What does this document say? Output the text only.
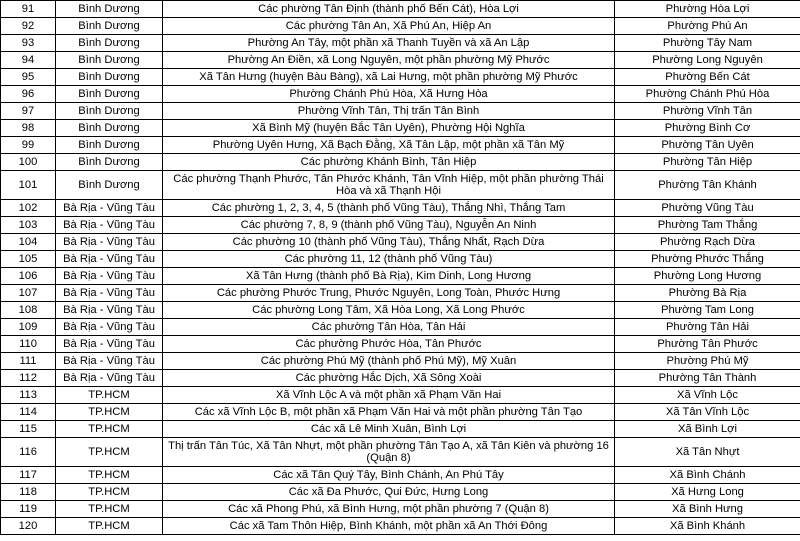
91	Bình Dương	Các phường Tân Định (thành phố Bến Cát), Hòa Lợi	Phường Hòa Lợi
92	Bình Dương	Các phường Tân An, Xã Phú An, Hiệp An	Phường Phú An
93	Bình Dương	Phường An Tây, một phần xã Thanh Tuyền và xã An Lập	Phường Tây Nam
94	Bình Dương	Phường An Điền, xã Long Nguyên, một phần phường Mỹ Phước	Phường Long Nguyên
95	Bình Dương	Xã Tân Hưng (huyện Bàu Bàng), xã Lai Hưng, một phần phường Mỹ Phước	Phường Bến Cát
96	Bình Dương	Phường Chánh Phú Hòa, Xã Hưng Hòa	Phường Chánh Phú Hòa
97	Bình Dương	Phường Vĩnh Tân, Thị trấn Tân Bình	Phường Vĩnh Tân
98	Bình Dương	Xã Bình Mỹ (huyện Bắc Tân Uyên), Phường Hội Nghĩa	Phường Bình Cơ
99	Bình Dương	Phường Uyên Hưng, Xã Bạch Đằng, Xã Tân Lập, một phần xã Tân Mỹ	Phường Tân Uyên
100	Bình Dương	Các phường Khánh Bình, Tân Hiệp	Phường Tân Hiệp
101	Bình Dương	Các phường Thạnh Phước, Tân Phước Khánh, Tân Vĩnh Hiệp, một phần phường Thái Hòa và xã Thạnh Hội	Phường Tân Khánh
102	Bà Rịa - Vũng Tàu	Các phường 1, 2, 3, 4, 5 (thành phố Vũng Tàu), Thắng Nhì, Thắng Tam	Phường Vũng Tàu
103	Bà Rịa - Vũng Tàu	Các phường 7, 8, 9 (thành phố Vũng Tàu), Nguyễn An Ninh	Phường Tam Thắng
104	Bà Rịa - Vũng Tàu	Các phường 10 (thành phố Vũng Tàu), Thắng Nhất, Rạch Dừa	Phường Rạch Dừa
105	Bà Rịa - Vũng Tàu	Các phường 11, 12 (thành phố Vũng Tàu)	Phường Phước Thắng
106	Bà Rịa - Vũng Tàu	Xã Tân Hưng (thành phố Bà Rịa), Kim Dinh, Long Hương	Phường Long Hương
107	Bà Rịa - Vũng Tàu	Các phường Phước Trung, Phước Nguyên, Long Toàn, Phước Hưng	Phường Bà Rịa
108	Bà Rịa - Vũng Tàu	Các phường Long Tâm, Xã Hòa Long, Xã Long Phước	Phường Tam Long
109	Bà Rịa - Vũng Tàu	Các phường Tân Hòa, Tân Hải	Phường Tân Hải
110	Bà Rịa - Vũng Tàu	Các phường Phước Hòa, Tân Phước	Phường Tân Phước
111	Bà Rịa - Vũng Tàu	Các phường Phú Mỹ (thành phố Phú Mỹ), Mỹ Xuân	Phường Phú Mỹ
112	Bà Rịa - Vũng Tàu	Các phường Hắc Dịch, Xã Sông Xoài	Phường Tân Thành
113	TP.HCM	Xã Vĩnh Lộc A và một phần xã Phạm Văn Hai	Xã Vĩnh Lộc
114	TP.HCM	Các xã Vĩnh Lộc B, một phần xã Phạm Văn Hai và một phần phường Tân Tạo	Xã Tân Vĩnh Lộc
115	TP.HCM	Các xã Lê Minh Xuân, Bình Lợi	Xã Bình Lợi
116	TP.HCM	Thị trấn Tân Túc, Xã Tân Nhựt, một phần phường Tân Tạo A, xã Tân Kiên và phường 16 (Quận 8)	Xã Tân Nhựt
117	TP.HCM	Các xã Tân Quý Tây, Bình Chánh, An Phú Tây	Xã Bình Chánh
118	TP.HCM	Các xã Đa Phước, Qui Đức, Hưng Long	Xã Hưng Long
119	TP.HCM	Các xã Phong Phú, xã Bình Hưng, một phần phường 7 (Quận 8)	Xã Bình Hưng
120	TP.HCM	Các xã Tam Thôn Hiệp, Bình Khánh, một phần xã An Thới Đông	Xã Bình Khánh
